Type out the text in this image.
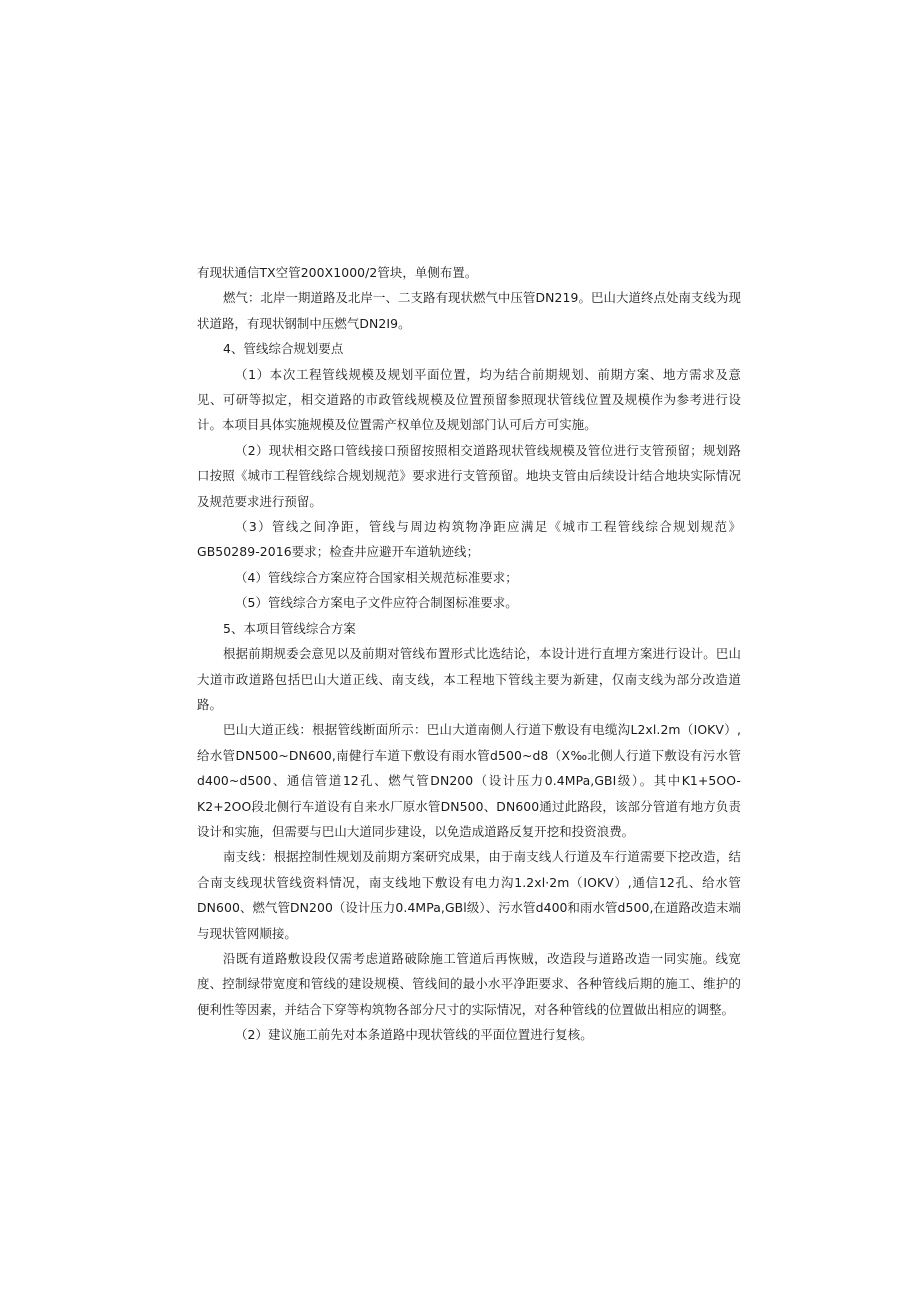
有现状通信TX空管200X1000/2管块，单侧布置。

燃气：北岸一期道路及北岸一、二支路有现状燃气中压管DN219。巴山大道终点处南支线为现状道路，有现状钢制中压燃气DN2I9。

4、管线综合规划要点

（1）本次工程管线规模及规划平面位置，均为结合前期规划、前期方案、地方需求及意见、可研等拟定，相交道路的市政管线规模及位置预留参照现状管线位置及规模作为参考进行设计。本项目具体实施规模及位置需产权单位及规划部门认可后方可实施。

（2）现状相交路口管线接口预留按照相交道路现状管线规模及管位进行支管预留；规划路口按照《城市工程管线综合规划规范》要求进行支管预留。地块支管由后续设计结合地块实际情况及规范要求进行预留。

（3）管线之间净距，管线与周边构筑物净距应满足《城市工程管线综合规划规范》GB50289-2016要求；检查井应避开车道轨迹线；

（4）管线综合方案应符合国家相关规范标准要求；

（5）管线综合方案电子文件应符合制图标准要求。

5、本项目管线综合方案

根据前期规委会意见以及前期对管线布置形式比选结论，本设计进行直埋方案进行设计。巴山大道市政道路包括巴山大道正线、南支线，本工程地下管线主要为新建，仅南支线为部分改造道路。

巴山大道正线：根据管线断面所示：巴山大道南侧人行道下敷设有电缆沟L2xl.2m（IOKV）,给水管DN500~DN600,南健行车道下敷设有雨水管d500~d8（X‰北侧人行道下敷设有污水管d400~d500、通信管道12孔、燃气管DN200（设计压力0.4MPa,GBI级）。其中K1+5OO-K2+2OO段北侧行车道设有自来水厂原水管DN500、DN600通过此路段，该部分管道有地方负责设计和实施，但需要与巴山大道同步建设，以免造成道路反复开挖和投资浪费。

南支线：根据控制性规划及前期方案研究成果，由于南支线人行道及车行道需要下挖改造，结合南支线现状管线资料情况，南支线地下敷设有电力沟1.2xl·2m（IOKV）,通信12孔、给水管DN600、燃气管DN200（设计压力0.4MPa,GBl级）、污水管d400和雨水管d500,在道路改造末端与现状管网顺接。

沿既有道路敷设段仅需考虑道路破除施工管道后再恢贼，改造段与道路改造一同实施。线宽度、控制绿带宽度和管线的建设规模、管线间的最小水平净距要求、各种管线后期的施工、维护的便利性等因素，并结合下穿等构筑物各部分尺寸的实际情况，对各种管线的位置做出相应的调整。

（2）建议施工前先对本条道路中现状管线的平面位置进行复核。
